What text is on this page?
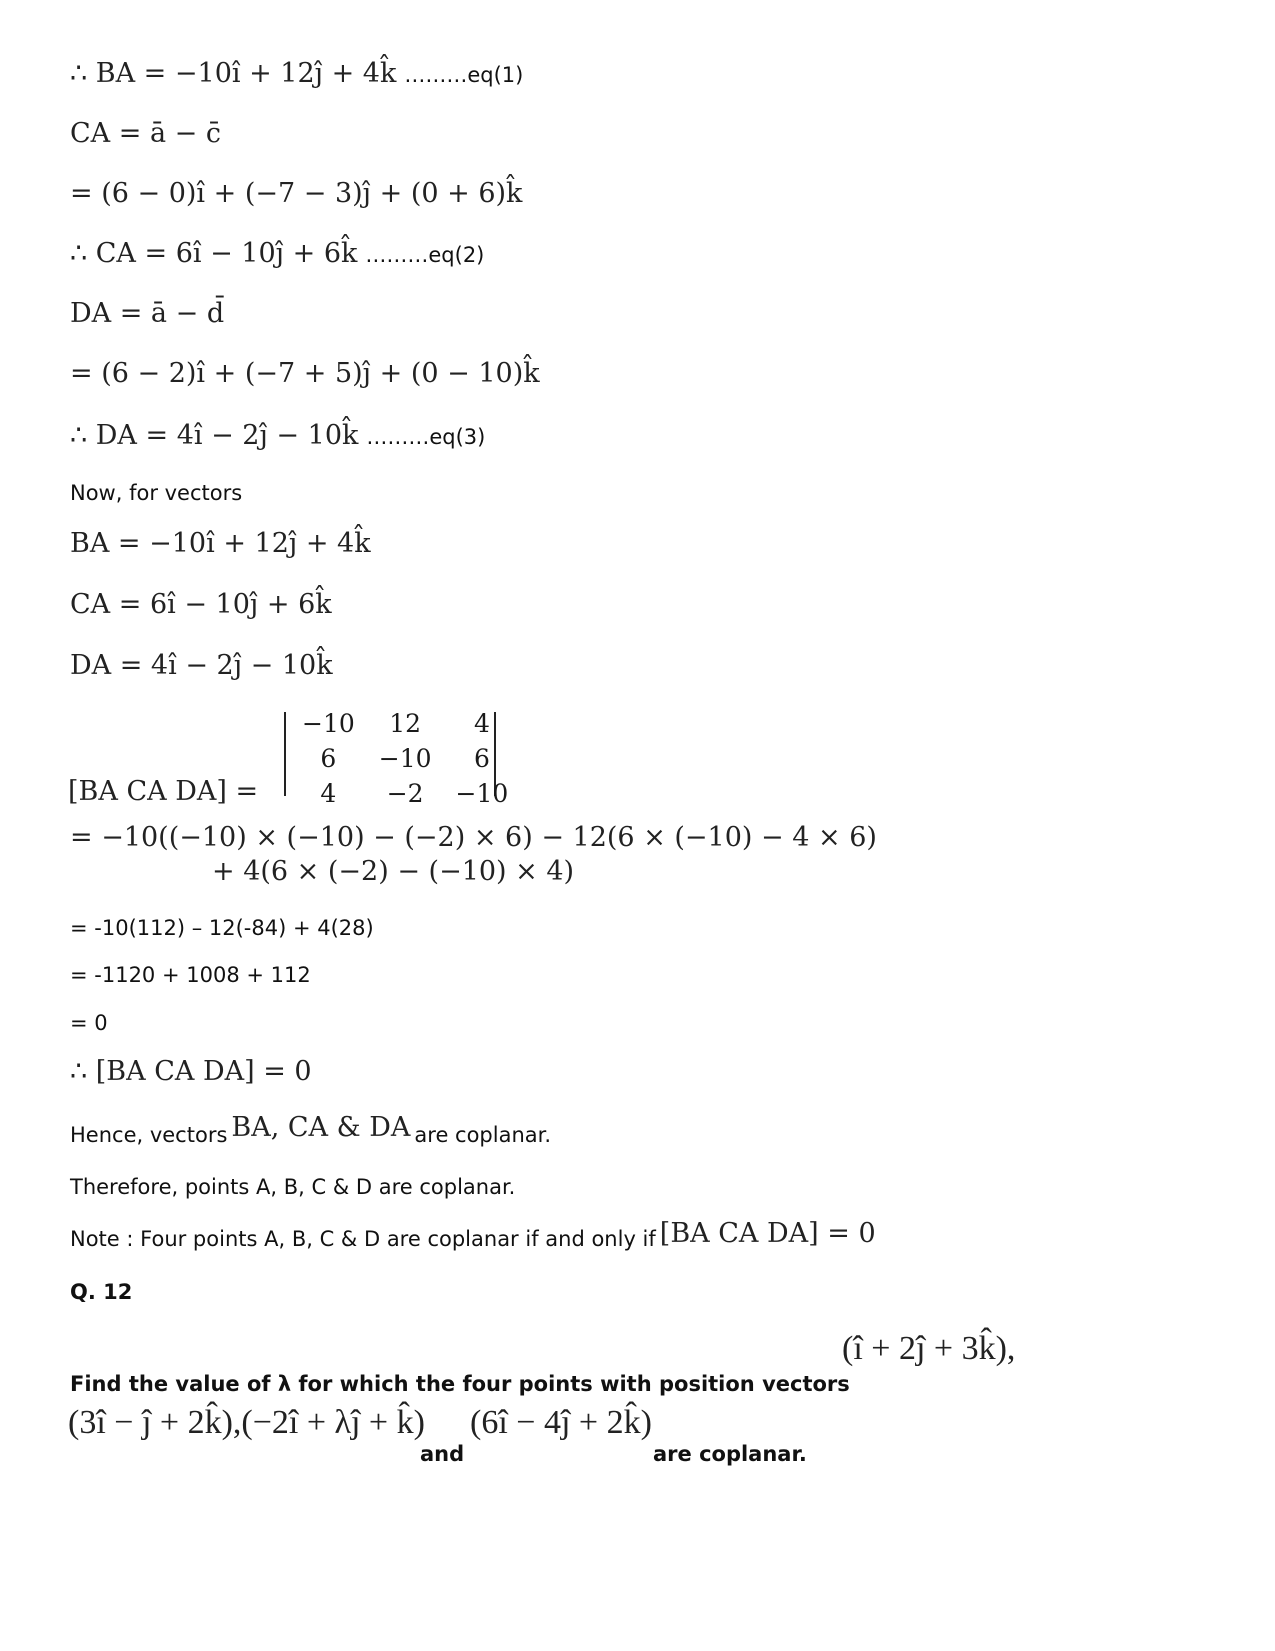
∴ BA = −10î + 12ĵ + 4k̂ ………eq(1)
CA = ā − c̄
= (6 − 0)î + (−7 − 3)ĵ + (0 + 6)k̂
∴ CA = 6î − 10ĵ + 6k̂ ………eq(2)
DA = ā − d̄
= (6 − 2)î + (−7 + 5)ĵ + (0 − 10)k̂
∴ DA = 4î − 2ĵ − 10k̂ ………eq(3)
Now, for vectors
BA = −10î + 12ĵ + 4k̂
CA = 6î − 10ĵ + 6k̂
DA = 4î − 2ĵ − 10k̂
[BA CA DA] =
−10	12	4
6	−10	6
4	−2	−10
= −10((−10) × (−10) − (−2) × 6) − 12(6 × (−10) − 4 × 6)
+ 4(6 × (−2) − (−10) × 4)
= -10(112) – 12(-84) + 4(28)
= -1120 + 1008 + 112
= 0
∴ [BA CA DA] = 0
Hence, vectors BA, CA & DA are coplanar.
Therefore, points A, B, C & D are coplanar.
Note : Four points A, B, C & D are coplanar if and only if [BA CA DA] = 0
Q. 12
(î + 2ĵ + 3k̂),
Find the value of λ for which the four points with position vectors
(3î − ĵ + 2k̂),(−2î + λĵ + k̂)
and
(6î − 4ĵ + 2k̂)
are coplanar.
